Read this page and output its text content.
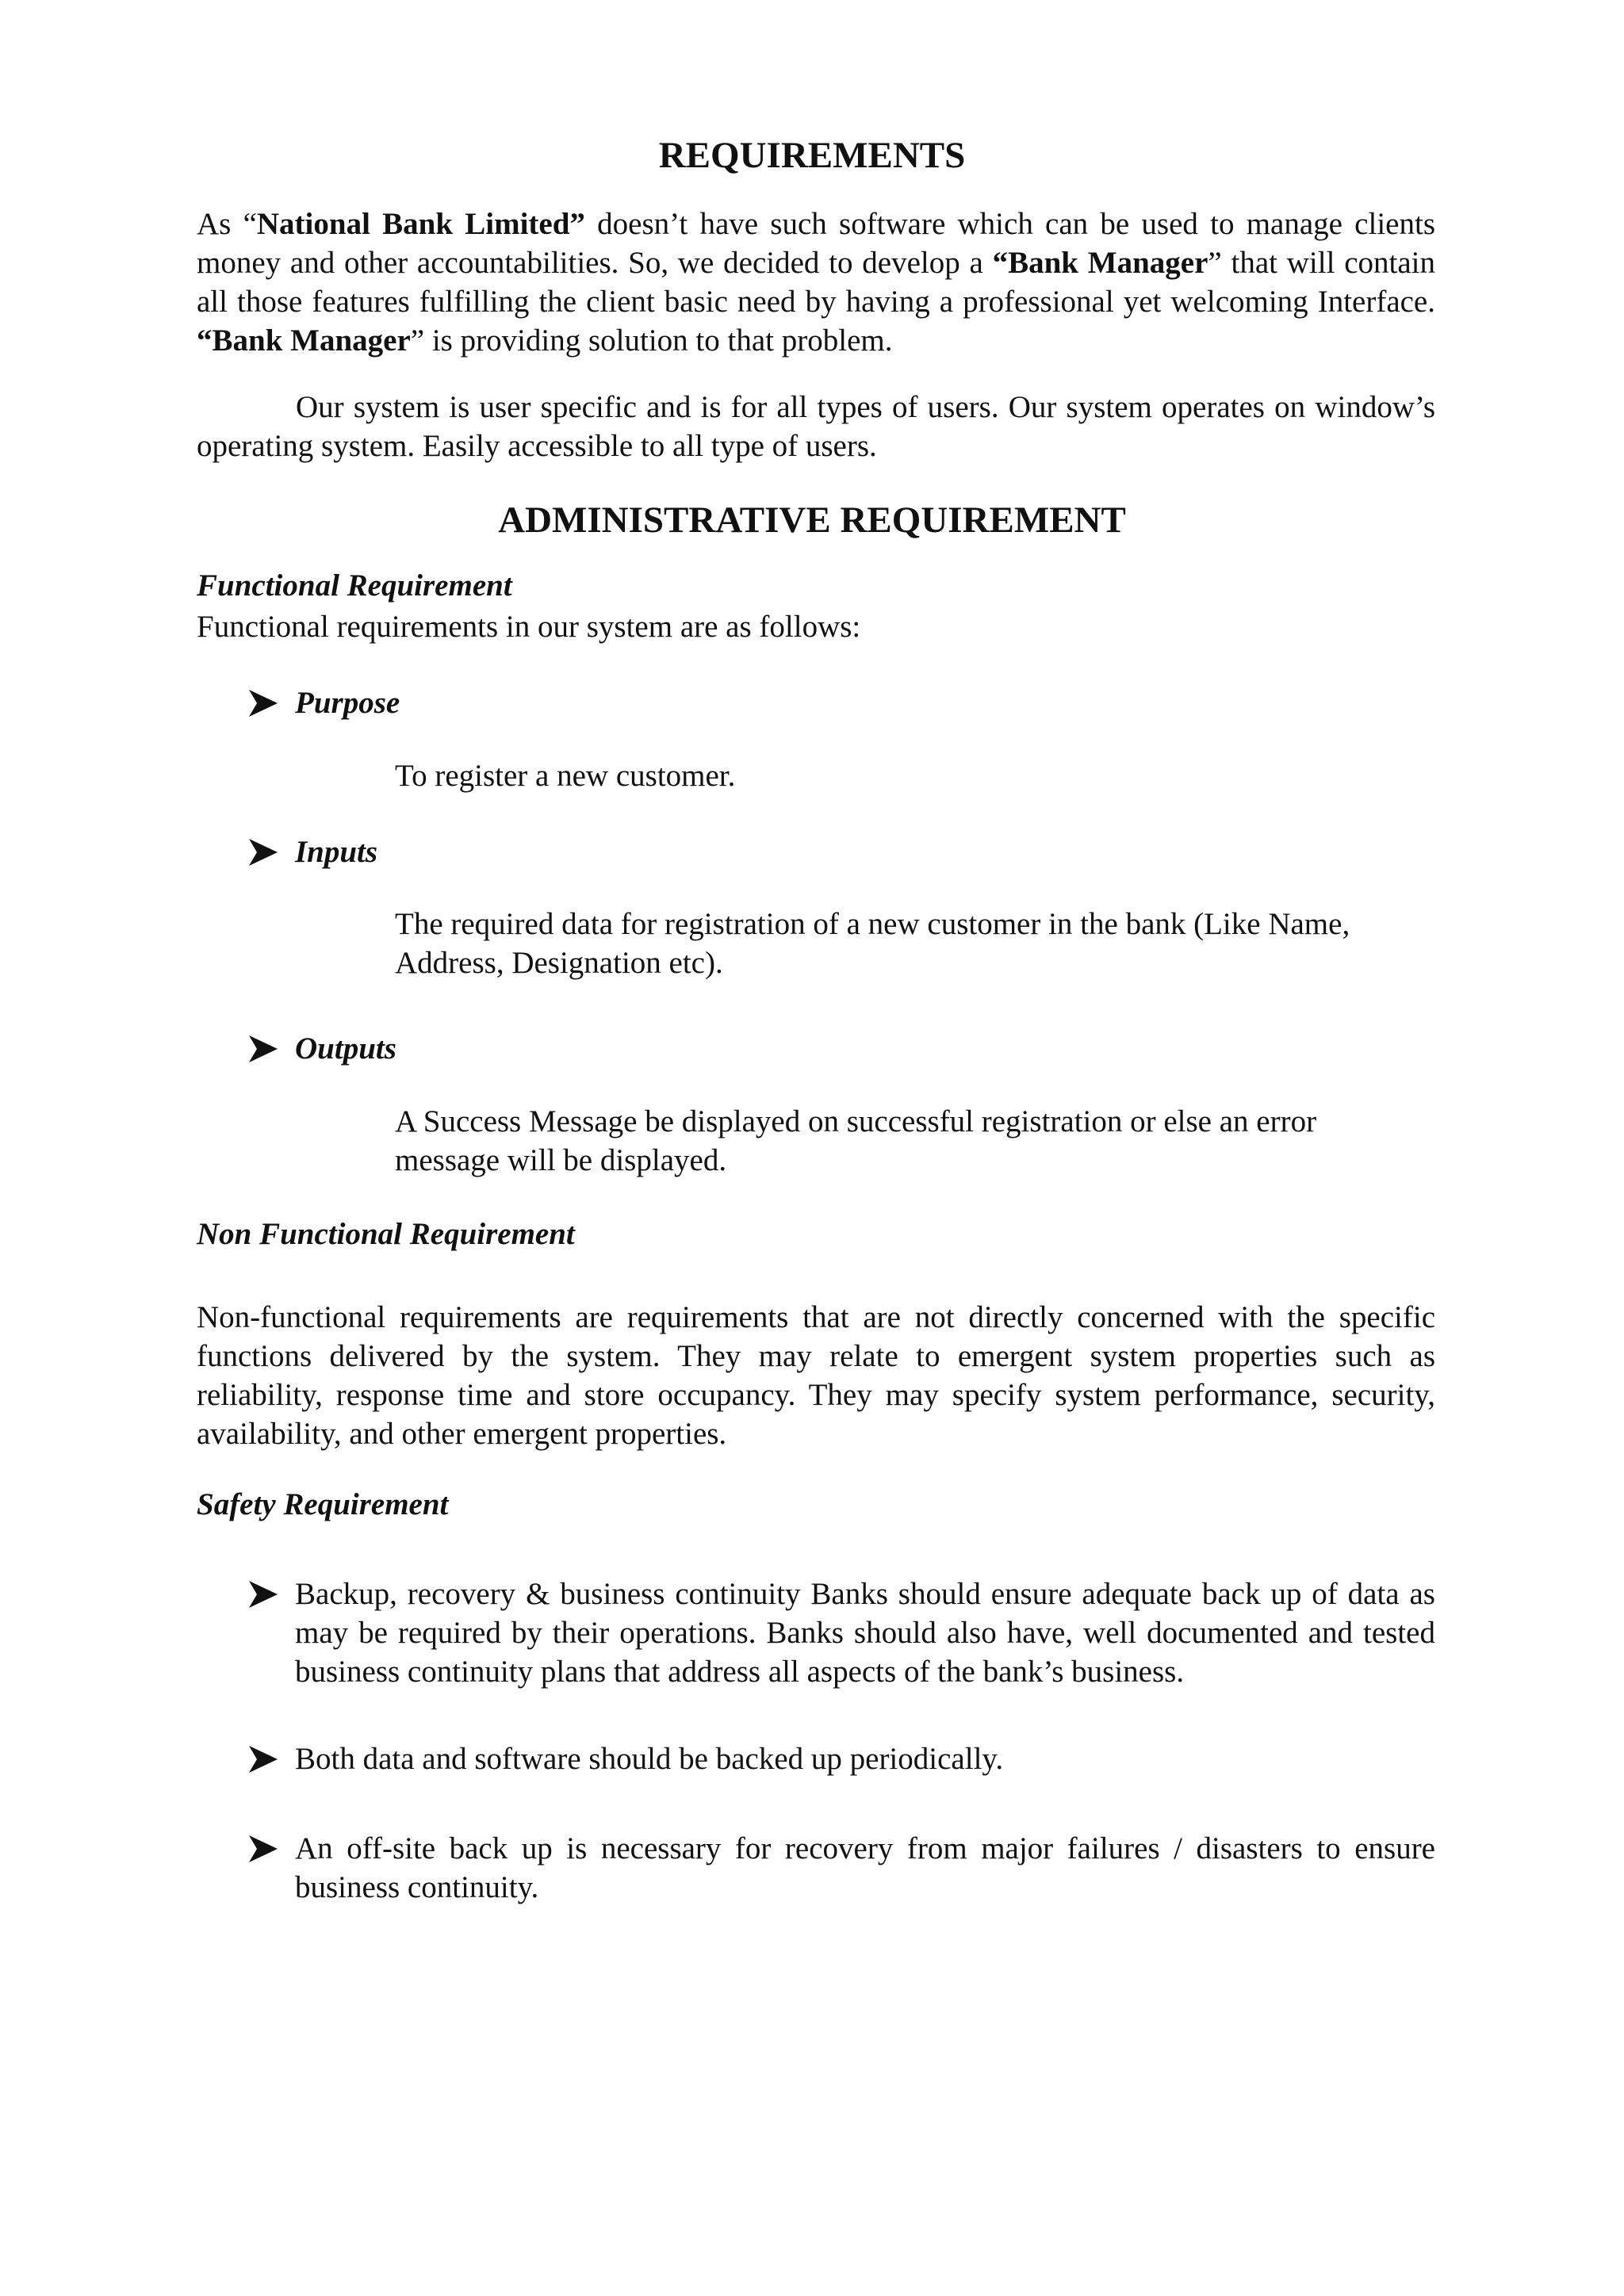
REQUIREMENTS

As “National Bank Limited” doesn’t have such software which can be used to manage clients money and other accountabilities. So, we decided to develop a “Bank Manager” that will contain all those features fulfilling the client basic need by having a professional yet welcoming Interface. “Bank Manager” is providing solution to that problem.

Our system is user specific and is for all types of users. Our system operates on window’s operating system. Easily accessible to all type of users.

ADMINISTRATIVE REQUIREMENT
Functional Requirement

Functional requirements in our system are as follows:

Purpose

To register a new customer.

Inputs

The required data for registration of a new customer in the bank (Like Name, Address, Designation etc).

Outputs

A Success Message be displayed on successful registration or else an error message will be displayed.

Non Functional Requirement

Non-functional requirements are requirements that are not directly concerned with the specific functions delivered by the system. They may relate to emergent system properties such as reliability, response time and store occupancy. They may specify system performance, security, availability, and other emergent properties.

Safety Requirement
Backup, recovery & business continuity Banks should ensure adequate back up of data as may be required by their operations. Banks should also have, well documented and tested business continuity plans that address all aspects of the bank’s business.
Both data and software should be backed up periodically.
An off-site back up is necessary for recovery from major failures / disasters to ensure business continuity.
